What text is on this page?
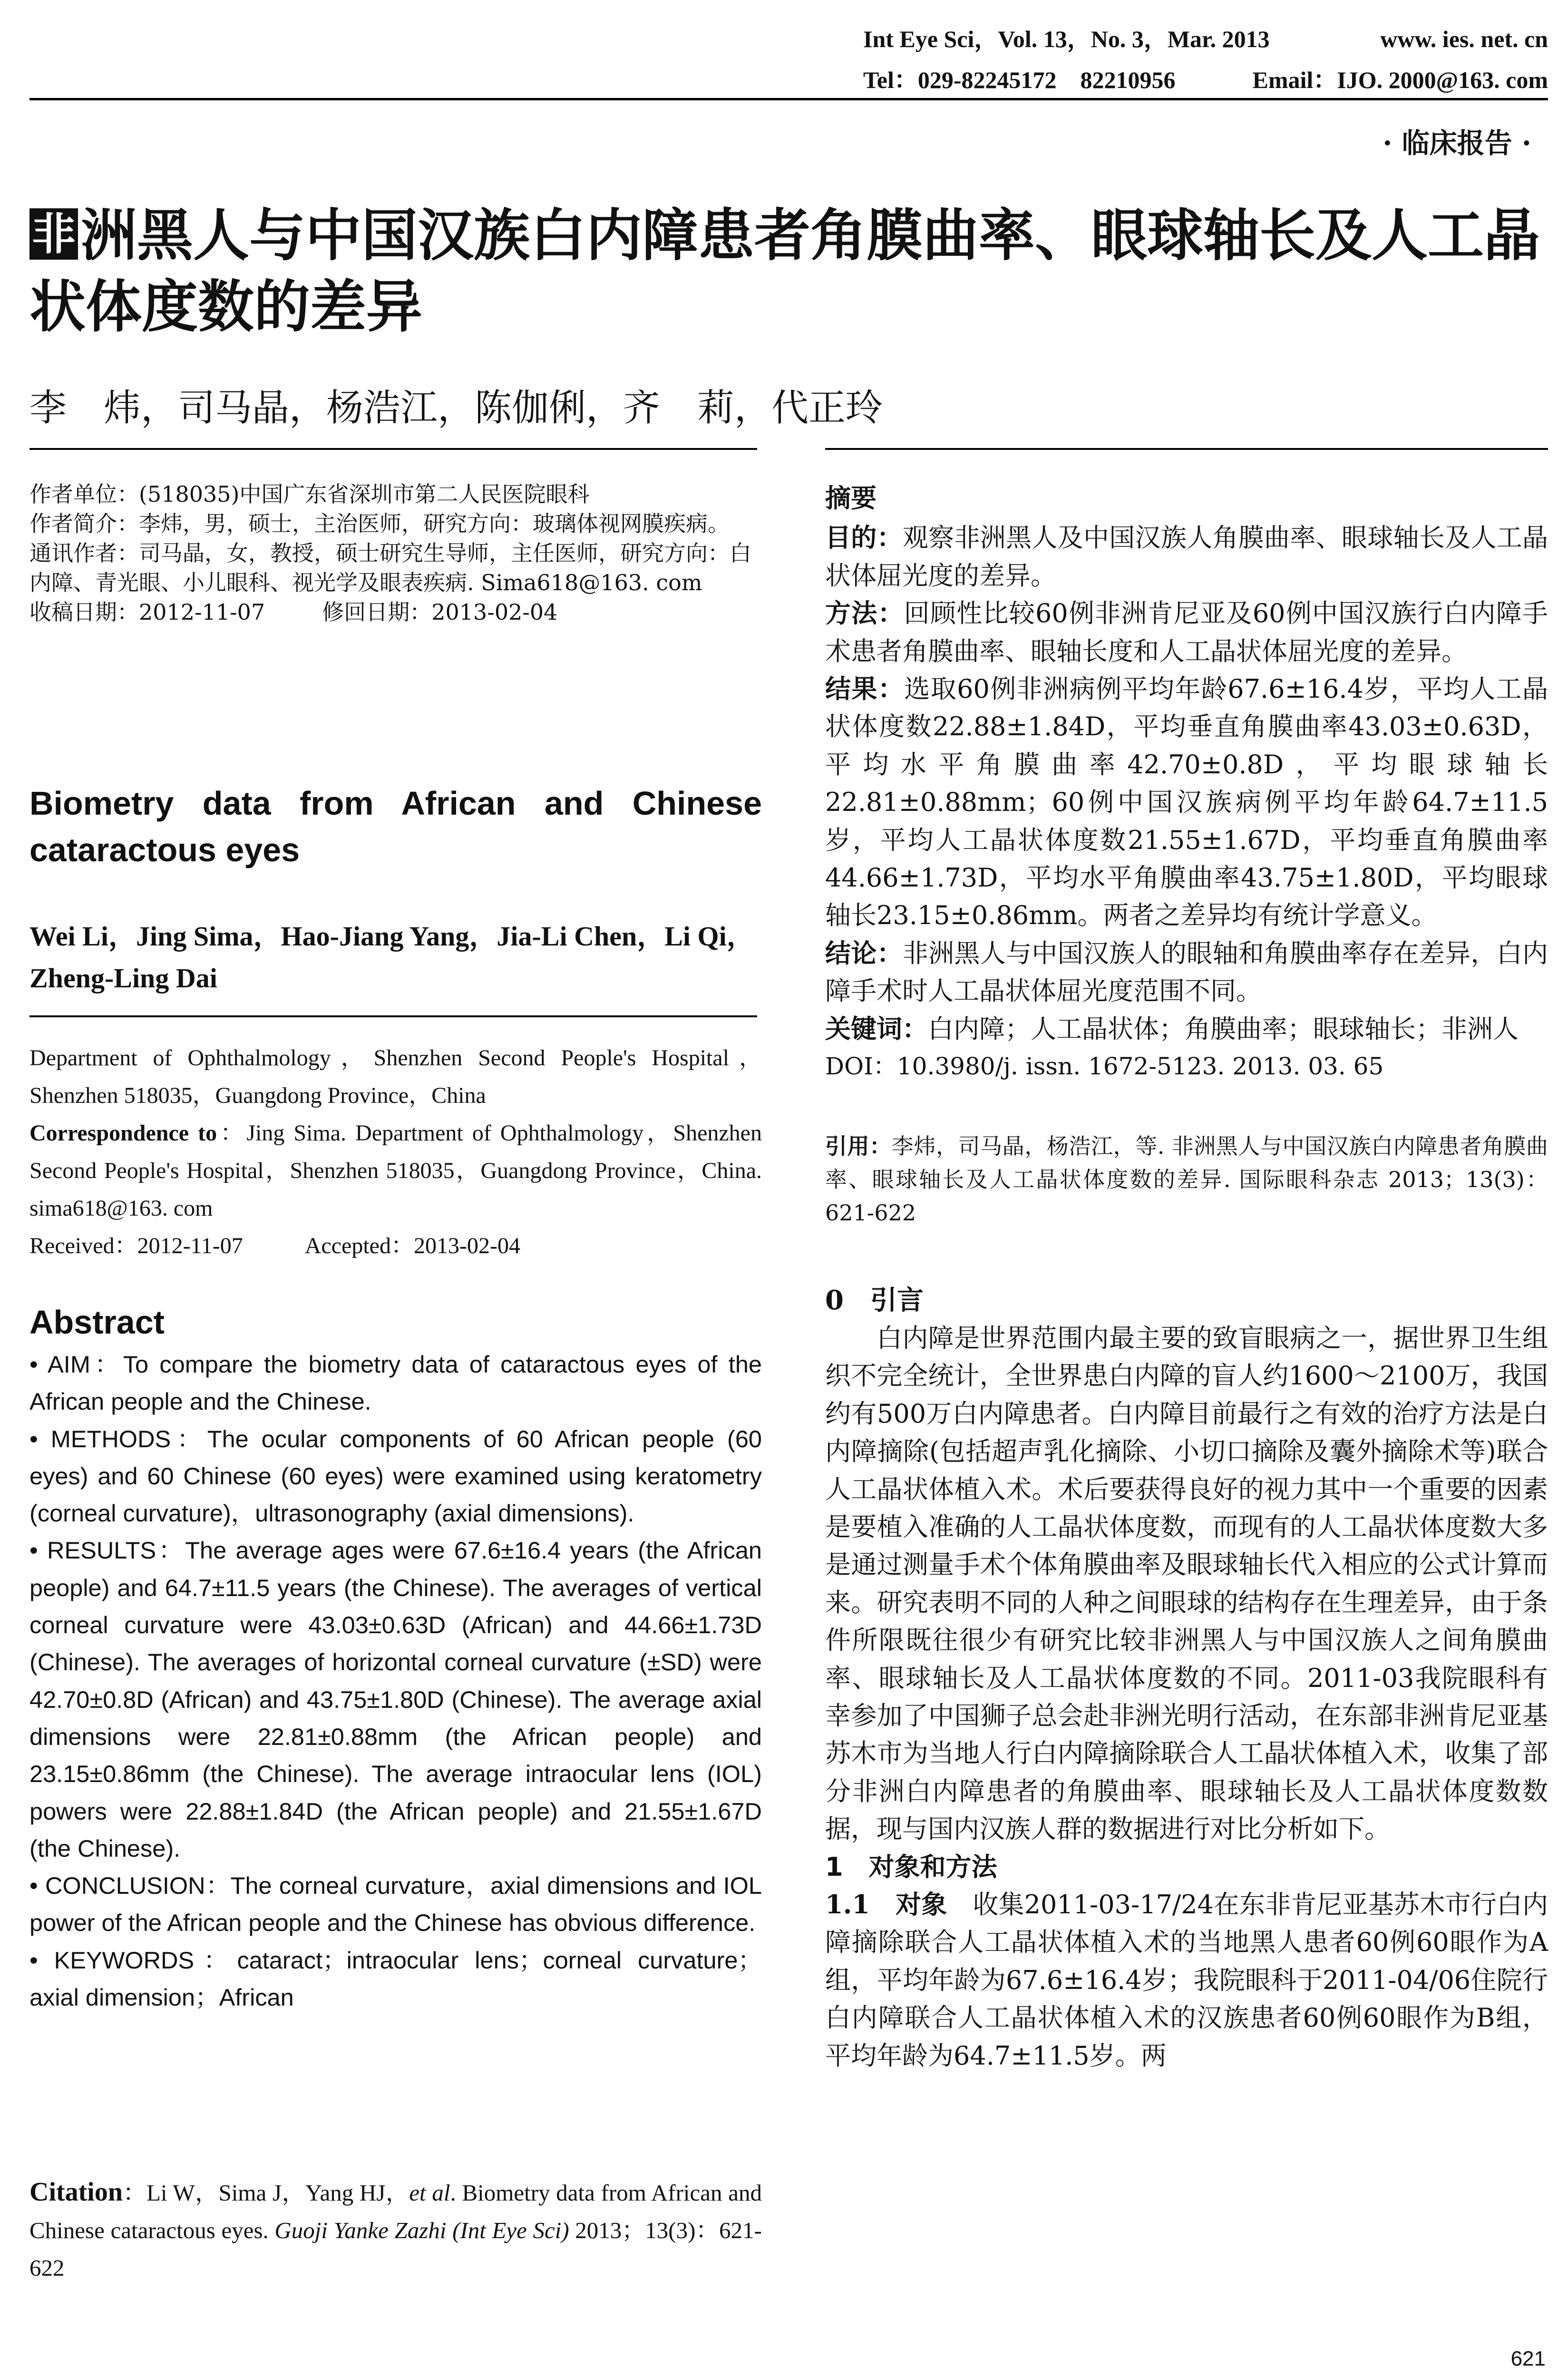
Int Eye Sci，Vol. 13，No. 3，Mar. 2013	www. ies. net. cn
Tel：029-82245172　82210956	Email：IJO. 2000@163. com
· 临床报告 ·
非洲黑人与中国汉族白内障患者角膜曲率、眼球轴长及人工晶状体度数的差异
李　炜，司马晶，杨浩江，陈伽俐，齐　莉，代正玲
作者单位：(518035)中国广东省深圳市第二人民医院眼科
作者简介：李炜，男，硕士，主治医师，研究方向：玻璃体视网膜疾病。
通讯作者：司马晶，女，教授，硕士研究生导师，主任医师，研究方向：白内障、青光眼、小儿眼科、视光学及眼表疾病. Sima618@163. com
收稿日期：2012-11-07	修回日期：2013-02-04
Biometry data from African and Chinese cataractous eyes
Wei Li，Jing Sima，Hao-Jiang Yang，Jia-Li Chen，Li Qi，Zheng-Ling Dai
Department of Ophthalmology，Shenzhen Second People's Hospital，Shenzhen 518035，Guangdong Province，China
Correspondence to：Jing Sima. Department of Ophthalmology，Shenzhen Second People's Hospital，Shenzhen 518035，Guangdong Province，China. sima618@163. com
Received：2012-11-07	Accepted：2013-02-04
Abstract

• AIM：To compare the biometry data of cataractous eyes of the African people and the Chinese.

• METHODS：The ocular components of 60 African people (60 eyes) and 60 Chinese (60 eyes) were examined using keratometry (corneal curvature)，ultrasonography (axial dimensions).

• RESULTS：The average ages were 67.6±16.4 years (the African people) and 64.7±11.5 years (the Chinese). The averages of vertical corneal curvature were 43.03±0.63D (African) and 44.66±1.73D (Chinese). The averages of horizontal corneal curvature (±SD) were 42.70±0.8D (African) and 43.75±1.80D (Chinese). The average axial dimensions were 22.81±0.88mm (the African people) and 23.15±0.86mm (the Chinese). The average intraocular lens (IOL) powers were 22.88±1.84D (the African people) and 21.55±1.67D (the Chinese).

• CONCLUSION：The corneal curvature，axial dimensions and IOL power of the African people and the Chinese has obvious difference.

• KEYWORDS：cataract；intraocular lens；corneal curvature；axial dimension；African

Citation：Li W，Sima J，Yang HJ，et al. Biometry data from African and Chinese cataractous eyes. Guoji Yanke Zazhi (Int Eye Sci) 2013；13(3)：621-622

摘要

目的：观察非洲黑人及中国汉族人角膜曲率、眼球轴长及人工晶状体屈光度的差异。

方法：回顾性比较60例非洲肯尼亚及60例中国汉族行白内障手术患者角膜曲率、眼轴长度和人工晶状体屈光度的差异。

结果：选取60例非洲病例平均年龄67.6±16.4岁，平均人工晶状体度数22.88±1.84D，平均垂直角膜曲率43.03±0.63D，平均水平角膜曲率42.70±0.8D，平均眼球轴长22.81±0.88mm；60例中国汉族病例平均年龄64.7±11.5岁，平均人工晶状体度数21.55±1.67D，平均垂直角膜曲率44.66±1.73D，平均水平角膜曲率43.75±1.80D，平均眼球轴长23.15±0.86mm。两者之差异均有统计学意义。

结论：非洲黑人与中国汉族人的眼轴和角膜曲率存在差异，白内障手术时人工晶状体屈光度范围不同。

关键词：白内障；人工晶状体；角膜曲率；眼球轴长；非洲人

DOI：10.3980/j. issn. 1672-5123. 2013. 03. 65

引用：李炜，司马晶，杨浩江，等. 非洲黑人与中国汉族白内障患者角膜曲率、眼球轴长及人工晶状体度数的差异. 国际眼科杂志 2013；13(3)：621-622

0　引言

白内障是世界范围内最主要的致盲眼病之一，据世界卫生组织不完全统计，全世界患白内障的盲人约1600～2100万，我国约有500万白内障患者。白内障目前最行之有效的治疗方法是白内障摘除(包括超声乳化摘除、小切口摘除及囊外摘除术等)联合人工晶状体植入术。术后要获得良好的视力其中一个重要的因素是要植入准确的人工晶状体度数，而现有的人工晶状体度数大多是通过测量手术个体角膜曲率及眼球轴长代入相应的公式计算而来。研究表明不同的人种之间眼球的结构存在生理差异，由于条件所限既往很少有研究比较非洲黑人与中国汉族人之间角膜曲率、眼球轴长及人工晶状体度数的不同。2011-03我院眼科有幸参加了中国狮子总会赴非洲光明行活动，在东部非洲肯尼亚基苏木市为当地人行白内障摘除联合人工晶状体植入术，收集了部分非洲白内障患者的角膜曲率、眼球轴长及人工晶状体度数数据，现与国内汉族人群的数据进行对比分析如下。

1　对象和方法

1.1　对象　 收集2011-03-17/24在东非肯尼亚基苏木市行白内障摘除联合人工晶状体植入术的当地黑人患者60例60眼作为A组，平均年龄为67.6±16.4岁；我院眼科于2011-04/06住院行白内障联合人工晶状体植入术的汉族患者60例60眼作为B组，平均年龄为64.7±11.5岁。两

621
